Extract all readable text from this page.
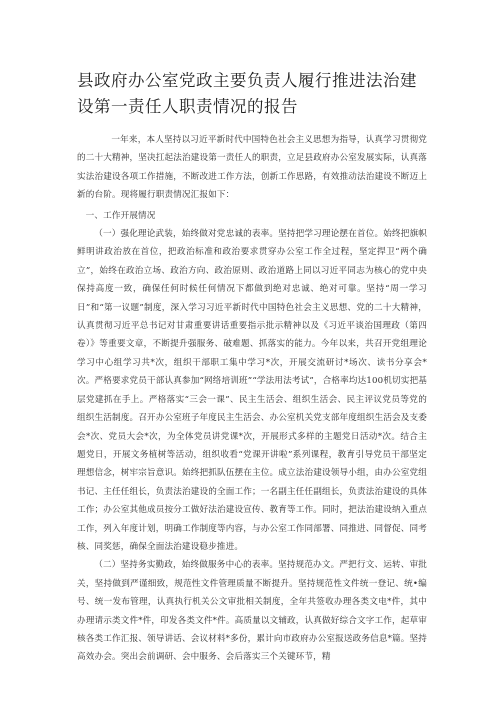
县政府办公室党政主要负责人履行推进法治建设第一责任人职责情况的报告

一年来，本人坚持以习近平新时代中国特色社会主义思想为指导，认真学习贯彻党的二十大精神，坚决扛起法治建设第一责任人的职责，立足县政府办公室发展实际，认真落实法治建设各项工作措施，不断改进工作方法，创新工作思路，有效推动法治建设不断迈上新的台阶。现将履行职责情况汇报如下：

一、工作开展情况

（一）强化理论武装，始终做对党忠诚的表率。坚持把学习理论摆在首位。始终把旗帜鲜明讲政治放在首位，把政治标准和政治要求贯穿办公室工作全过程，坚定捍卫“两个确立”，始终在政治立场、政治方向、政治原则、政治道路上同以习近平同志为核心的党中央保持高度一致，确保任何时候任何情况下都做到绝对忠诚、绝对可靠。坚持“周一学习日”和“第一议题”制度，深入学习习近平新时代中国特色社会主义思想、党的二十大精神，认真贯彻习近平总书记对甘肃重要讲话重要指示批示精神以及《习近平谈治国理政（第四卷）》等重要文章，不断提升强服务、破难题、抓落实的能力。今年以来，共召开党组理论学习中心组学习共*次，组织干部职工集中学习*次，开展交流研讨*场次、读书分享会*次。严格要求党员干部认真参加“网络培训班”“学法用法考试”，合格率均达100机切实把基层党建抓在手上。严格落实“三会一课”、民主生活会、组织生活会、民主评议党员等党的组织生活制度。召开办公室班子年度民主生活会、办公室机关党支部年度组织生活会及支委会*次、党员大会*次，为全体党员讲党课*次，开展形式多样的主题党日活动*次。结合主题党日，开展文务植树等活动，组织收看“党课开讲啦”系列课程，教育引导党员干部坚定理想信念，树牢宗旨意识。始终把抓队伍摆在主位。成立法治建设领导小组，由办公室党组书记、主任任组长，负责法治建设的全面工作；一名副主任任副组长，负责法治建设的具体工作；办公室其他成员按分工做好法治建设宣传、教育等工作。同时，把法治建设纳入重点工作，列入年度计划，明确工作制度等内容，与办公室工作同部署、同推进、同督促、同考核、同奖惩，确保全面法治建设稳步推进。

（二）坚持务实勤政，始终做服务中心的表率。坚持规范办文。严把行文、运转、审批关，坚持做到严谨细致，规范性文件管理质量不断提升。坚持规范性文件统一登记、统•编号、统一发布管理，认真执行机关公文审批相关制度，全年共签收办理各类文电*件，其中办理请示类文件*件，印发各类文件*件。高质量以文辅政，认真做好综合文字工作，起草审核各类工作汇报、领导讲话、会议材料*多份，累计向市政府办公室报送政务信息*篇。坚持高效办会。突出会前调研、会中服务、会后落实三个关键环节，精
